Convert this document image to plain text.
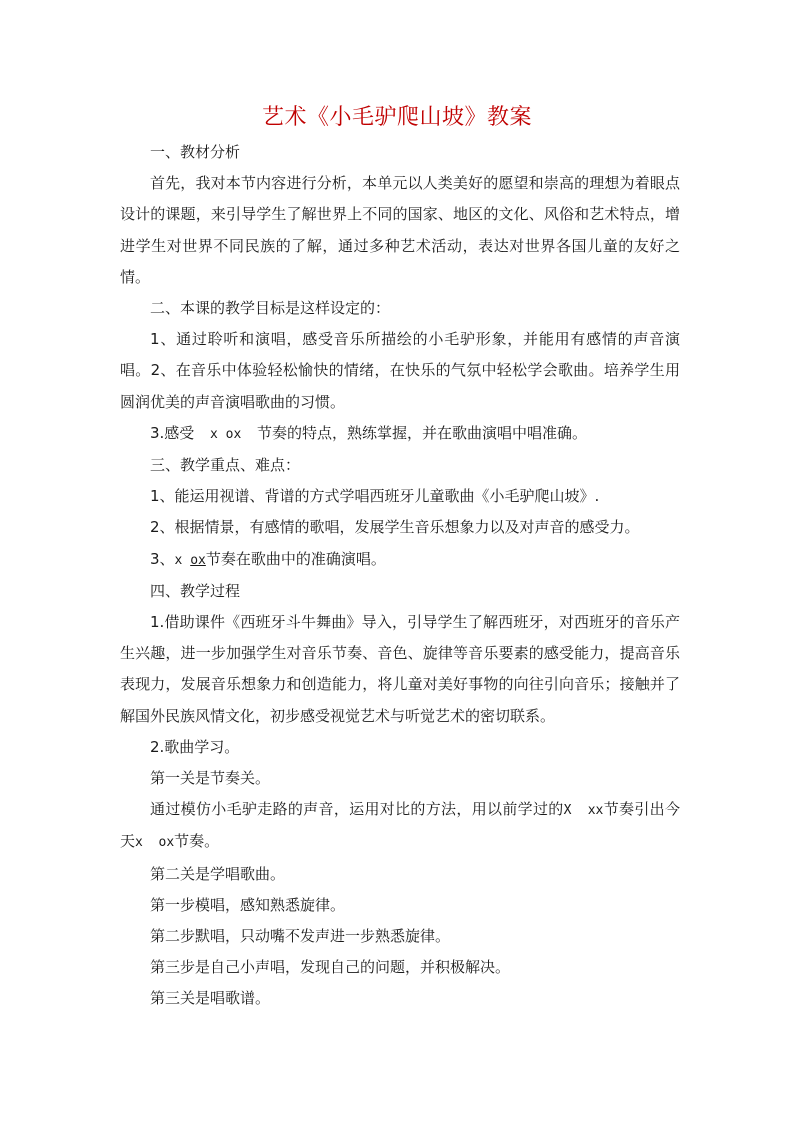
艺术《小毛驴爬山坡》教案

一、教材分析

首先，我对本节内容进行分析，本单元以人类美好的愿望和崇高的理想为着眼点设计的课题，来引导学生了解世界上不同的国家、地区的文化、风俗和艺术特点，增进学生对世界不同民族的了解，通过多种艺术活动，表达对世界各国儿童的友好之情。

二、本课的教学目标是这样设定的：

1、通过聆听和演唱，感受音乐所描绘的小毛驴形象，并能用有感情的声音演唱。2、在音乐中体验轻松愉快的情绪，在快乐的气氛中轻松学会歌曲。培养学生用圆润优美的声音演唱歌曲的习惯。

3.感受  x ox  节奏的特点，熟练掌握，并在歌曲演唱中唱准确。

三、教学重点、难点：

1、能运用视谱、背谱的方式学唱西班牙儿童歌曲《小毛驴爬山坡》.

2、根据情景，有感情的歌唱，发展学生音乐想象力以及对声音的感受力。

3、x ox节奏在歌曲中的准确演唱。

四、教学过程

1.借助课件《西班牙斗牛舞曲》导入，引导学生了解西班牙，对西班牙的音乐产生兴趣，进一步加强学生对音乐节奏、音色、旋律等音乐要素的感受能力，提高音乐表现力，发展音乐想象力和创造能力，将儿童对美好事物的向往引向音乐；接触并了解国外民族风情文化，初步感受视觉艺术与听觉艺术的密切联系。

2.歌曲学习。

第一关是节奏关。

通过模仿小毛驴走路的声音，运用对比的方法，用以前学过的X  xx节奏引出今天x  ox节奏。

第二关是学唱歌曲。

第一步模唱，感知熟悉旋律。

第二步默唱，只动嘴不发声进一步熟悉旋律。

第三步是自己小声唱，发现自己的问题，并积极解决。

第三关是唱歌谱。
